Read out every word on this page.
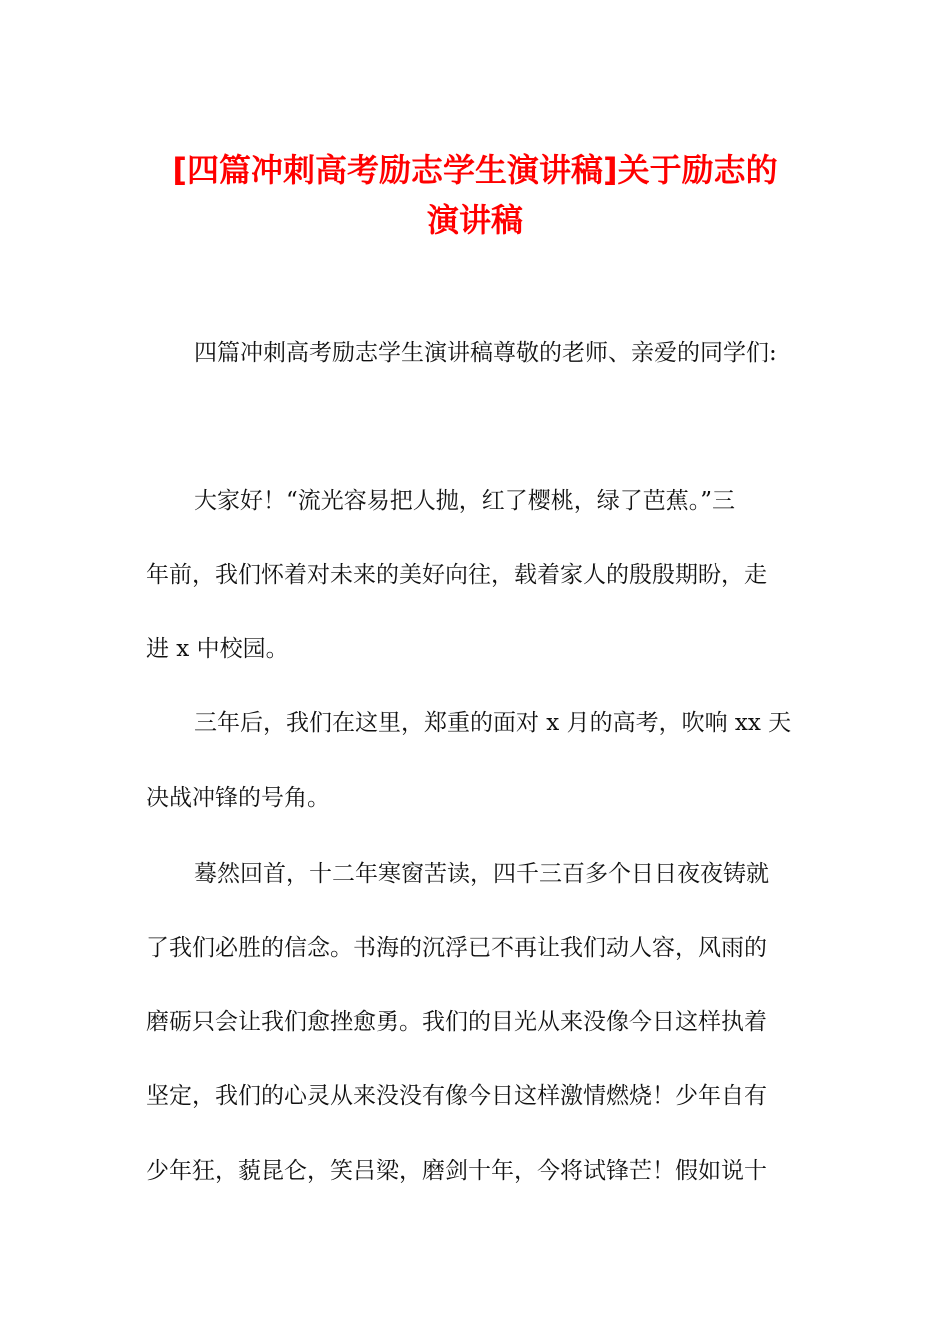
[四篇冲刺高考励志学生演讲稿]关于励志的
演讲稿
四篇冲刺高考励志学生演讲稿尊敬的老师、亲爱的同学们:
大家好！“流光容易把人抛，红了樱桃，绿了芭蕉。”三
年前，我们怀着对未来的美好向往，载着家人的殷殷期盼，走
进 x 中校园。
三年后，我们在这里，郑重的面对 x 月的高考，吹响 xx 天
决战冲锋的号角。
蓦然回首，十二年寒窗苦读，四千三百多个日日夜夜铸就
了我们必胜的信念。书海的沉浮已不再让我们动人容，风雨的
磨砺只会让我们愈挫愈勇。我们的目光从来没像今日这样执着
坚定，我们的心灵从来没没有像今日这样激情燃烧！少年自有
少年狂，藐昆仑，笑吕梁，磨剑十年，今将试锋芒！假如说十
